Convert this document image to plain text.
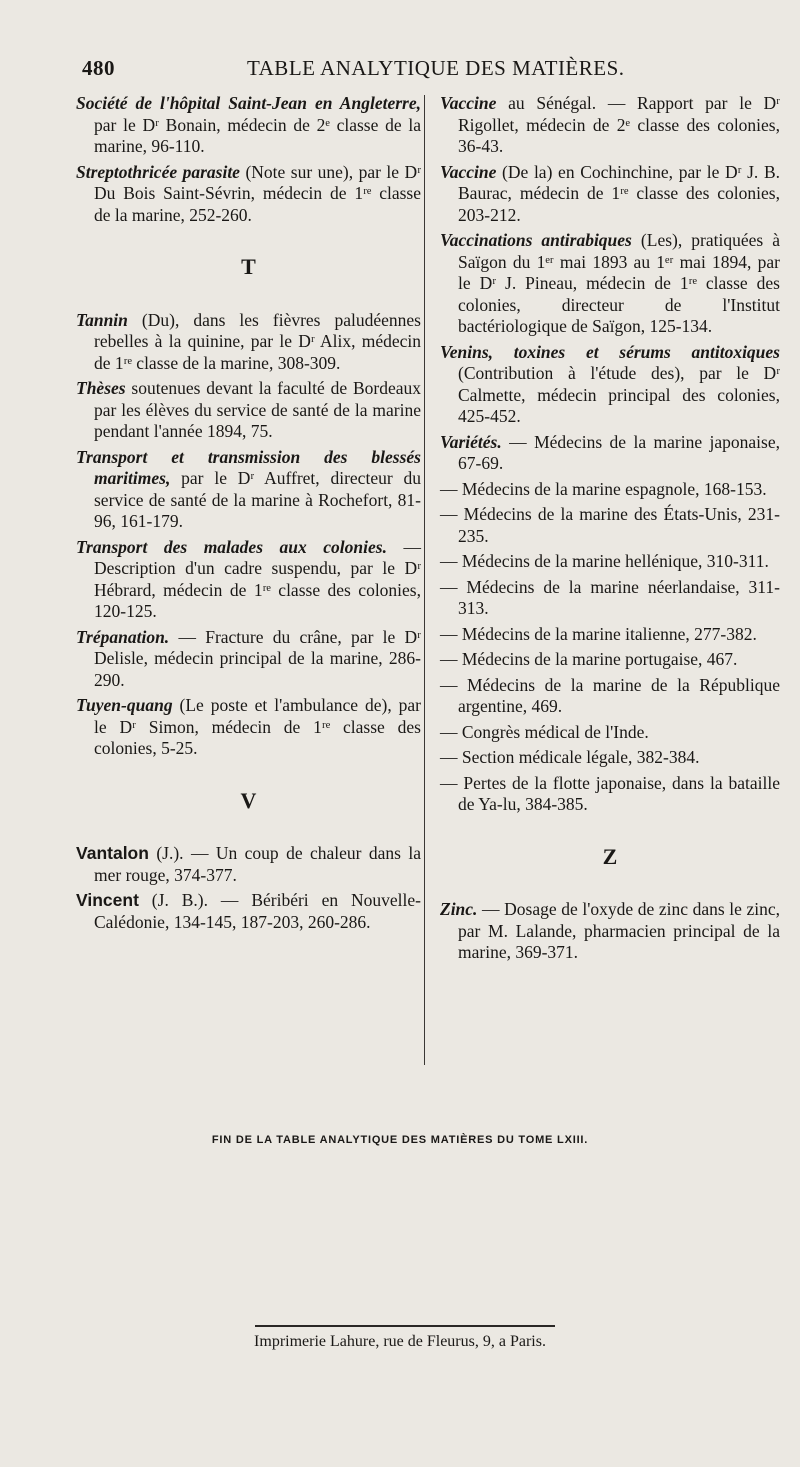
480	TABLE ANALYTIQUE DES MATIÈRES.
Société de l'hôpital Saint-Jean en Angleterre, par le Dʳ Bonain, médecin de 2ᵉ classe de la marine, 96-110.
Streptothricée parasite (Note sur une), par le Dʳ Du Bois Saint-Sévrin, médecin de 1ʳᵉ classe de la marine, 252-260.
T
Tannin (Du), dans les fièvres paludéennes rebelles à la quinine, par le Dʳ Alix, médecin de 1ʳᵉ classe de la marine, 308-309.
Thèses soutenues devant la faculté de Bordeaux par les élèves du service de santé de la marine pendant l'année 1894, 75.
Transport et transmission des blessés maritimes, par le Dʳ Auffret, directeur du service de santé de la marine à Rochefort, 81-96, 161-179.
Transport des malades aux colonies. — Description d'un cadre suspendu, par le Dʳ Hébrard, médecin de 1ʳᵉ classe des colonies, 120-125.
Trépanation. — Fracture du crâne, par le Dʳ Delisle, médecin principal de la marine, 286-290.
Tuyen-quang (Le poste et l'ambulance de), par le Dʳ Simon, médecin de 1ʳᵉ classe des colonies, 5-25.
V
Vantalon (J.). — Un coup de chaleur dans la mer rouge, 374-377.
Vincent (J. B.). — Béribéri en Nouvelle-Calédonie, 134-145, 187-203, 260-286.
Vaccine au Sénégal. — Rapport par le Dʳ Rigollet, médecin de 2ᵉ classe des colonies, 36-43.
Vaccine (De la) en Cochinchine, par le Dʳ J. B. Baurac, médecin de 1ʳᵉ classe des colonies, 203-212.
Vaccinations antirabiques (Les), pratiquées à Saïgon du 1ᵉʳ mai 1893 au 1ᵉʳ mai 1894, par le Dʳ J. Pineau, médecin de 1ʳᵉ classe des colonies, directeur de l'Institut bactériologique de Saïgon, 125-134.
Venins, toxines et sérums antitoxiques (Contribution à l'étude des), par le Dʳ Calmette, médecin principal des colonies, 425-452.
Variétés. — Médecins de la marine japonaise, 67-69.
— Médecins de la marine espagnole, 168-153.
— Médecins de la marine des États-Unis, 231-235.
— Médecins de la marine hellénique, 310-311.
— Médecins de la marine néerlandaise, 311-313.
— Médecins de la marine italienne, 277-382.
— Médecins de la marine portugaise, 467.
— Médecins de la marine de la République argentine, 469.
— Congrès médical de l'Inde.
— Section médicale légale, 382-384.
— Pertes de la flotte japonaise, dans la bataille de Ya-lu, 384-385.
Z
Zinc. — Dosage de l'oxyde de zinc dans le zinc, par M. Lalande, pharmacien principal de la marine, 369-371.
FIN DE LA TABLE ANALYTIQUE DES MATIÈRES DU TOME LXIII.
Imprimerie Lahure, rue de Fleurus, 9, a Paris.
